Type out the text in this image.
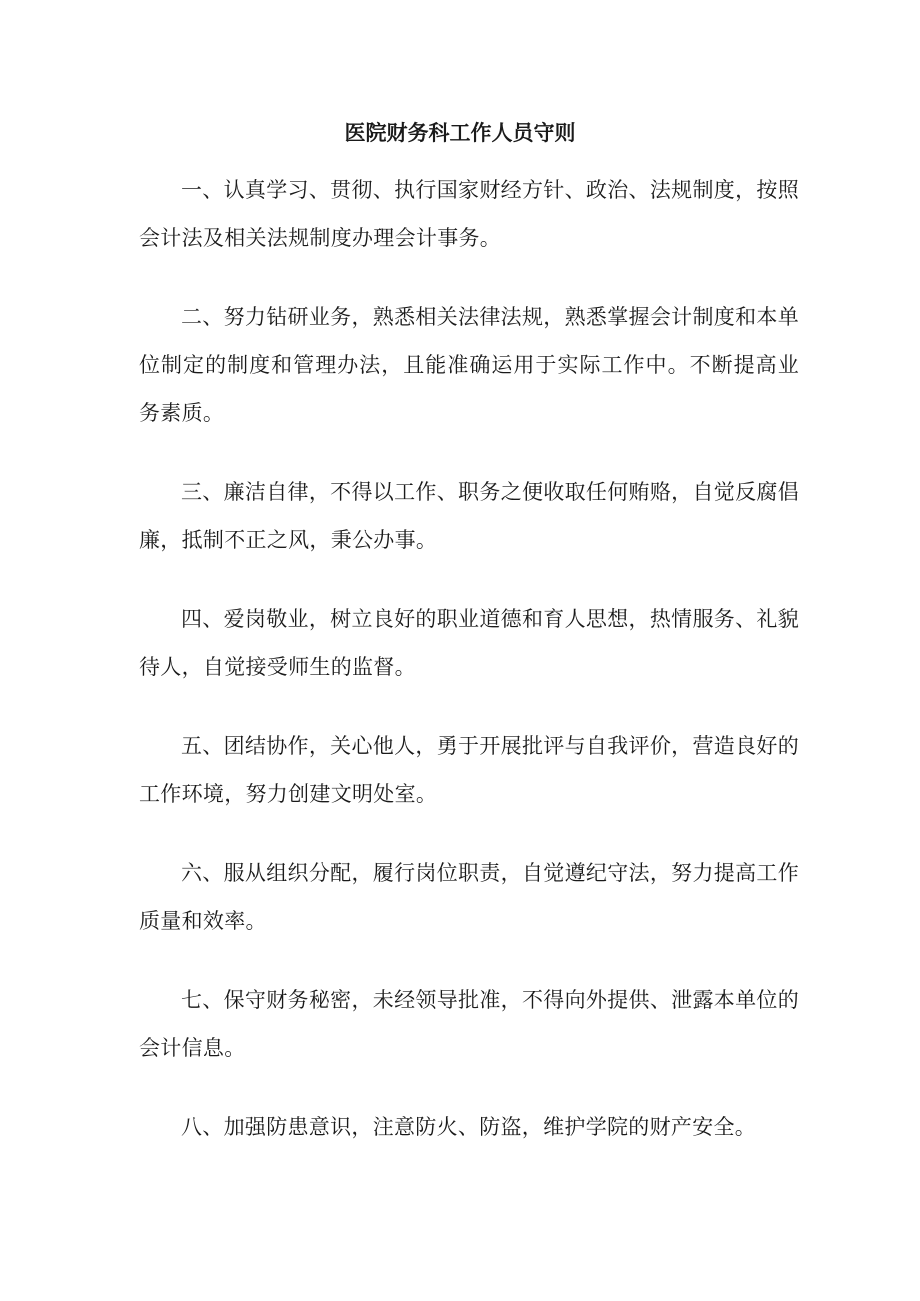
医院财务科工作人员守则

一、认真学习、贯彻、执行国家财经方针、政治、法规制度，按照会计法及相关法规制度办理会计事务。

二、努力钻研业务，熟悉相关法律法规，熟悉掌握会计制度和本单位制定的制度和管理办法，且能准确运用于实际工作中。不断提高业务素质。

三、廉洁自律，不得以工作、职务之便收取任何贿赂，自觉反腐倡廉，抵制不正之风，秉公办事。

四、爱岗敬业，树立良好的职业道德和育人思想，热情服务、礼貌待人，自觉接受师生的监督。

五、团结协作，关心他人，勇于开展批评与自我评价，营造良好的工作环境，努力创建文明处室。

六、服从组织分配，履行岗位职责，自觉遵纪守法，努力提高工作质量和效率。

七、保守财务秘密，未经领导批准，不得向外提供、泄露本单位的会计信息。

八、加强防患意识，注意防火、防盗，维护学院的财产安全。
